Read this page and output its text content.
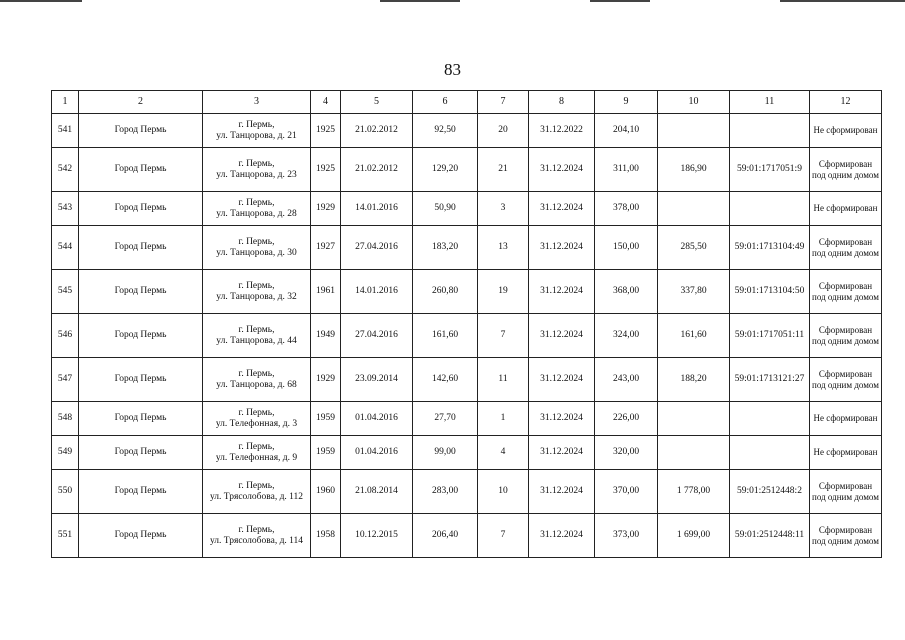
83
1	2	3	4	5	6	7	8	9	10	11	12
541	Город Пермь	г. Пермь,
ул. Танцорова, д. 21	1925	21.02.2012	92,50	20	31.12.2022	204,10			Не сформирован
542	Город Пермь	г. Пермь,
ул. Танцорова, д. 23	1925	21.02.2012	129,20	21	31.12.2024	311,00	186,90	59:01:1717051:9	Сформирован под одним домом
543	Город Пермь	г. Пермь,
ул. Танцорова, д. 28	1929	14.01.2016	50,90	3	31.12.2024	378,00			Не сформирован
544	Город Пермь	г. Пермь,
ул. Танцорова, д. 30	1927	27.04.2016	183,20	13	31.12.2024	150,00	285,50	59:01:1713104:49	Сформирован под одним домом
545	Город Пермь	г. Пермь,
ул. Танцорова, д. 32	1961	14.01.2016	260,80	19	31.12.2024	368,00	337,80	59:01:1713104:50	Сформирован под одним домом
546	Город Пермь	г. Пермь,
ул. Танцорова, д. 44	1949	27.04.2016	161,60	7	31.12.2024	324,00	161,60	59:01:1717051:11	Сформирован под одним домом
547	Город Пермь	г. Пермь,
ул. Танцорова, д. 68	1929	23.09.2014	142,60	11	31.12.2024	243,00	188,20	59:01:1713121:27	Сформирован под одним домом
548	Город Пермь	г. Пермь,
ул. Телефонная, д. 3	1959	01.04.2016	27,70	1	31.12.2024	226,00			Не сформирован
549	Город Пермь	г. Пермь,
ул. Телефонная, д. 9	1959	01.04.2016	99,00	4	31.12.2024	320,00			Не сформирован
550	Город Пермь	г. Пермь,
ул. Трясолобова, д. 112	1960	21.08.2014	283,00	10	31.12.2024	370,00	1 778,00	59:01:2512448:2	Сформирован под одним домом
551	Город Пермь	г. Пермь,
ул. Трясолобова, д. 114	1958	10.12.2015	206,40	7	31.12.2024	373,00	1 699,00	59:01:2512448:11	Сформирован под одним домом
